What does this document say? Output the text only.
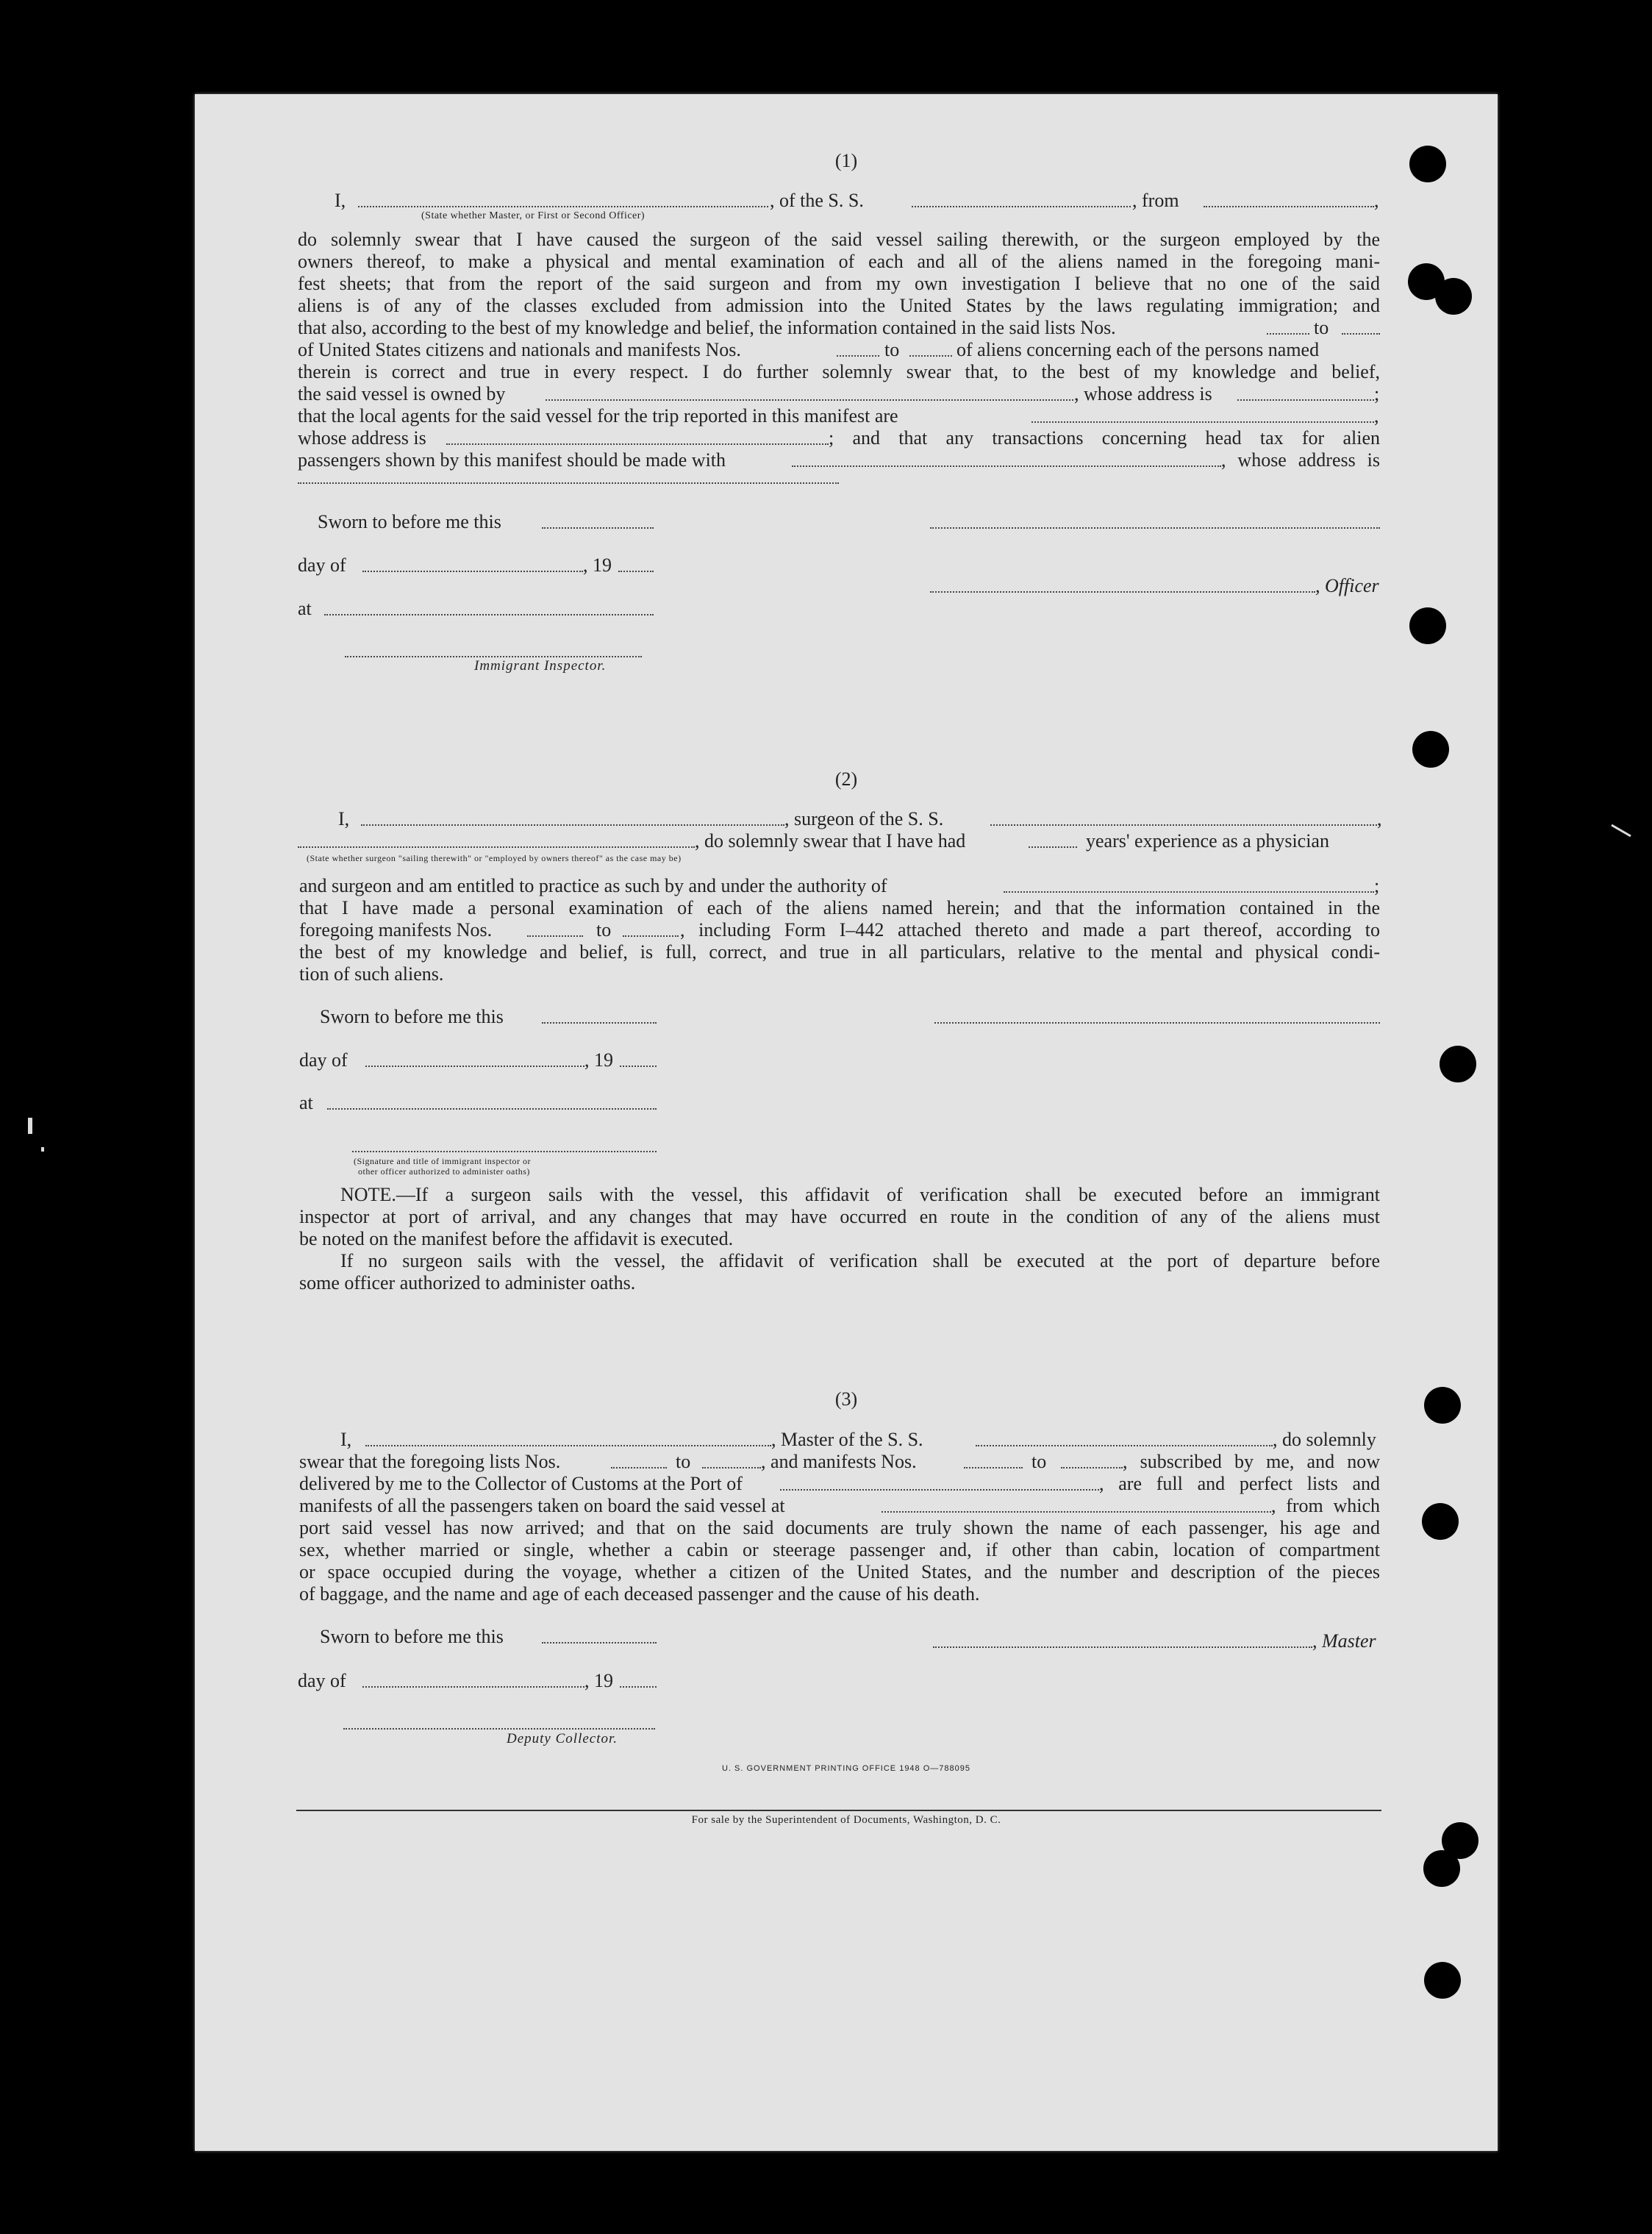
(1)
I,	, of the S. S.	, from	,
(State whether Master, or First or Second Officer)
do solemnly swear that I have caused the surgeon of the said vessel sailing therewith, or the surgeon employed by the
owners thereof, to make a physical and mental examination of each and all of the aliens named in the foregoing mani-
fest sheets; that from the report of the said surgeon and from my own investigation I believe that no one of the said
aliens is of any of the classes excluded from admission into the United States by the laws regulating immigration; and
that also, according to the best of my knowledge and belief, the information contained in the said lists Nos.	to
of United States citizens and nationals and manifests Nos.	to	of aliens concerning each of the persons named
therein is correct and true in every respect. I do further solemnly swear that, to the best of my knowledge and belief,
the said vessel is owned by	, whose address is	;
that the local agents for the said vessel for the trip reported in this manifest are	,
whose address is	; and that any transactions concerning head tax for alien
passengers shown by this manifest should be made with	, whose address is
Sworn to before me this
day of	, 19
, Officer
at
Immigrant Inspector.
(2)
I,	, surgeon of the S. S.	,
, do solemnly swear that I have had	years' experience as a physician
(State whether surgeon "sailing therewith" or "employed by owners thereof" as the case may be)
and surgeon and am entitled to practice as such by and under the authority of	;
that I have made a personal examination of each of the aliens named herein; and that the information contained in the
foregoing manifests Nos.	to	, including Form I–442 attached thereto and made a part thereof, according to
the best of my knowledge and belief, is full, correct, and true in all particulars, relative to the mental and physical condi-
tion of such aliens.
Sworn to before me this
day of	, 19
at
(Signature and title of immigrant inspector or
other officer authorized to administer oaths)
NOTE.—If a surgeon sails with the vessel, this affidavit of verification shall be executed before an immigrant
inspector at port of arrival, and any changes that may have occurred en route in the condition of any of the aliens must
be noted on the manifest before the affidavit is executed.
If no surgeon sails with the vessel, the affidavit of verification shall be executed at the port of departure before
some officer authorized to administer oaths.
(3)
I,	, Master of the S. S.	, do solemnly
swear that the foregoing lists Nos.	to	, and manifests Nos.	to	, subscribed by me, and now
delivered by me to the Collector of Customs at the Port of	, are full and perfect lists and
manifests of all the passengers taken on board the said vessel at	, from which
port said vessel has now arrived; and that on the said documents are truly shown the name of each passenger, his age and
sex, whether married or single, whether a cabin or steerage passenger and, if other than cabin, location of compartment
or space occupied during the voyage, whether a citizen of the United States, and the number and description of the pieces
of baggage, and the name and age of each deceased passenger and the cause of his death.
Sworn to before me this	, Master
day of	, 19
Deputy Collector.
U. S. GOVERNMENT PRINTING OFFICE 1948 O—788095
For sale by the Superintendent of Documents, Washington, D. C.
